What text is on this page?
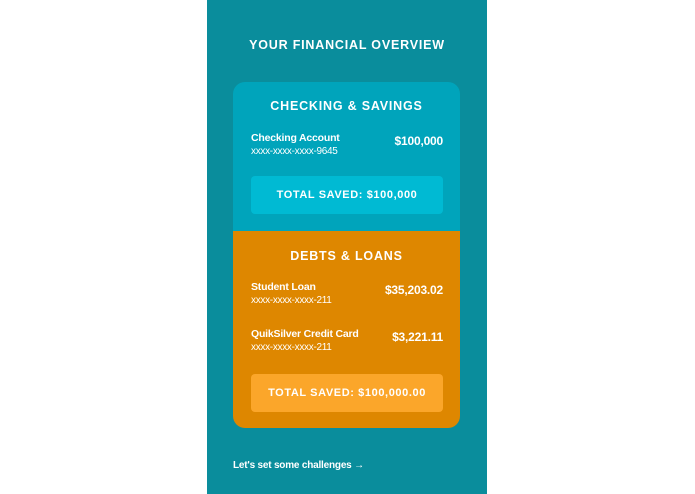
YOUR FINANCIAL OVERVIEW
CHECKING & SAVINGS
Checking Account
xxxx-xxxx-xxxx-9645
$100,000
TOTAL SAVED: $100,000
DEBTS & LOANS
Student Loan
xxxx-xxxx-xxxx-211
$35,203.02
QuikSilver Credit Card
xxxx-xxxx-xxxx-211
$3,221.11
TOTAL SAVED: $100,000.00
Let's set some challenges →
